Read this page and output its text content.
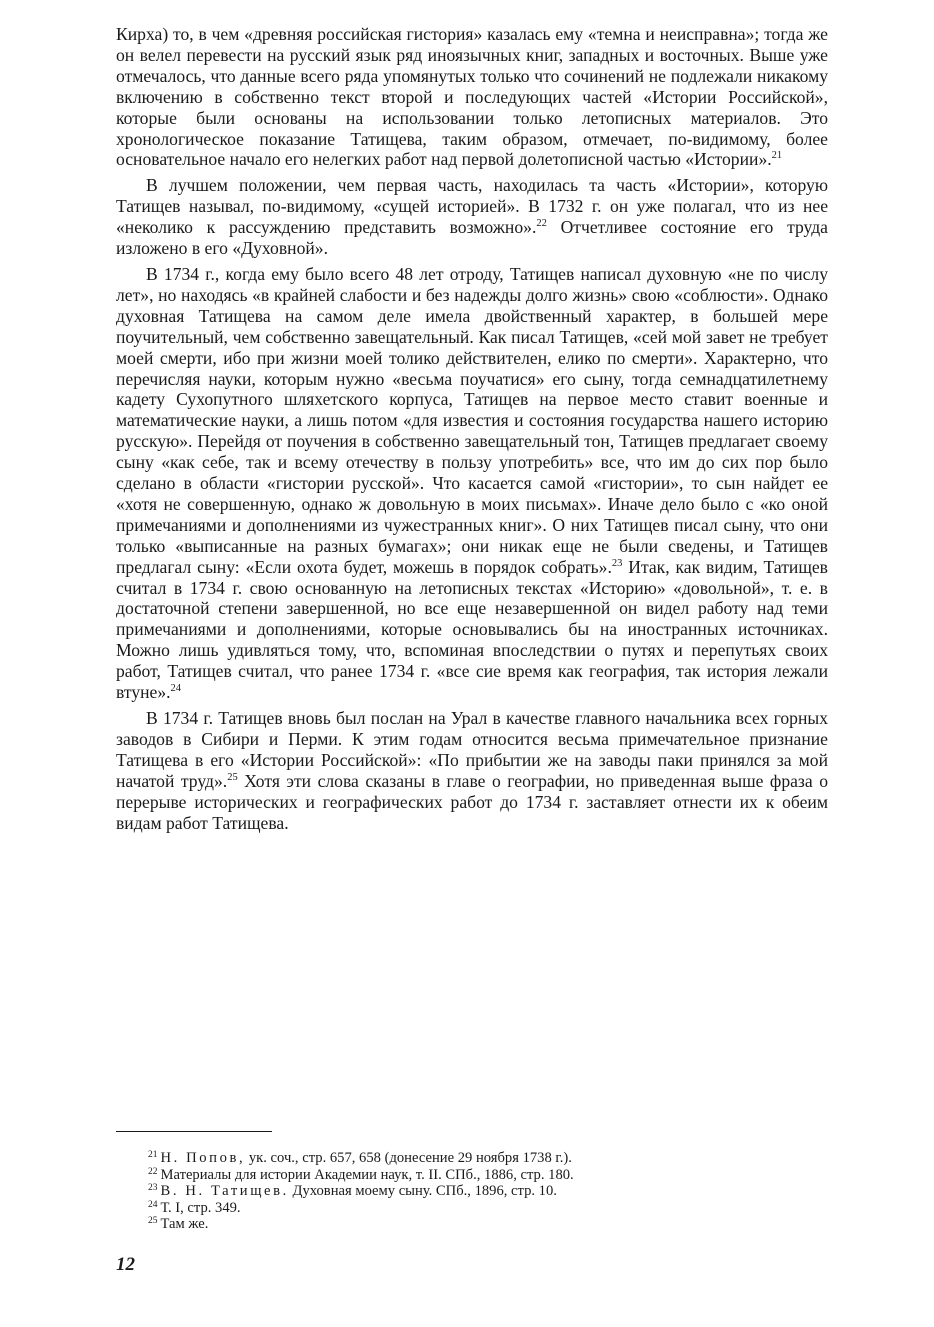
Кирха) то, в чем «древняя российская гистория» казалась ему «темна и неисправна»; тогда же он велел перевести на русский язык ряд иноязычных книг, западных и восточных. Выше уже отмечалось, что данные всего ряда упомянутых только что сочинений не подлежали никакому включению в собственно текст второй и последующих частей «Истории Российской», которые были основаны на использовании только летописных материалов. Это хронологическое показание Татищева, таким образом, отмечает, по-видимому, более основательное начало его нелегких работ над первой долетописной частью «Истории».$^{21}$

В лучшем положении, чем первая часть, находилась та часть «Истории», которую Татищев называл, по-видимому, «сущей историей». В 1732 г. он уже полагал, что из нее «неколико к рассуждению представить возможно».$^{22}$ Отчетливее состояние его труда изложено в его «Духовной».

В 1734 г., когда ему было всего 48 лет отроду, Татищев написал духовную «не по числу лет», но находясь «в крайней слабости и без надежды долго жизнь» свою «соблюсти». Однако духовная Татищева на самом деле имела двойственный характер, в большей мере поучительный, чем собственно завещательный. Как писал Татищев, «сей мой завет не требует моей смерти, ибо при жизни моей толико действителен, елико по смерти». Характерно, что перечисляя науки, которым нужно «весьма поучатися» его сыну, тогда семнадцатилетнему кадету Сухопутного шляхетского корпуса, Татищев на первое место ставит военные и математические науки, а лишь потом «для известия и состояния государства нашего историю русскую». Перейдя от поучения в собственно завещательный тон, Татищев предлагает своему сыну «как себе, так и всему отечеству в пользу употребить» все, что им до сих пор было сделано в области «гистории русской». Что касается самой «гистории», то сын найдет ее «хотя не совершенную, однако ж довольную в моих письмах». Иначе дело было с «ко оной примечаниями и дополнениями из чужестранных книг». О них Татищев писал сыну, что они только «выписанные на разных бумагах»; они никак еще не были сведены, и Татищев предлагал сыну: «Если охота будет, можешь в порядок собрать».$^{23}$ Итак, как видим, Татищев считал в 1734 г. свою основанную на летописных текстах «Историю» «довольной», т. е. в достаточной степени завершенной, но все еще незавершенной он видел работу над теми примечаниями и дополнениями, которые основывались бы на иностранных источниках. Можно лишь удивляться тому, что, вспоминая впоследствии о путях и перепутьях своих работ, Татищев считал, что ранее 1734 г. «все сие время как география, так история лежали втуне».$^{24}$

В 1734 г. Татищев вновь был послан на Урал в качестве главного начальника всех горных заводов в Сибири и Перми. К этим годам относится весьма примечательное признание Татищева в его «Истории Российской»: «По прибытии же на заводы паки принялся за мой начатой труд».$^{25}$ Хотя эти слова сказаны в главе о географии, но приведенная выше фраза о перерыве исторических и географических работ до 1734 г. заставляет отнести их к обеим видам работ Татищева.

$^{21}$ Н. Попов, ук. соч., стр. 657, 658 (донесение 29 ноября 1738 г.).
$^{22}$ Материалы для истории Академии наук, т. II. СПб., 1886, стр. 180.
$^{23}$ В. Н. Татищев. Духовная моему сыну. СПб., 1896, стр. 10.
$^{24}$ Т. I, стр. 349.
$^{25}$ Там же.
12
